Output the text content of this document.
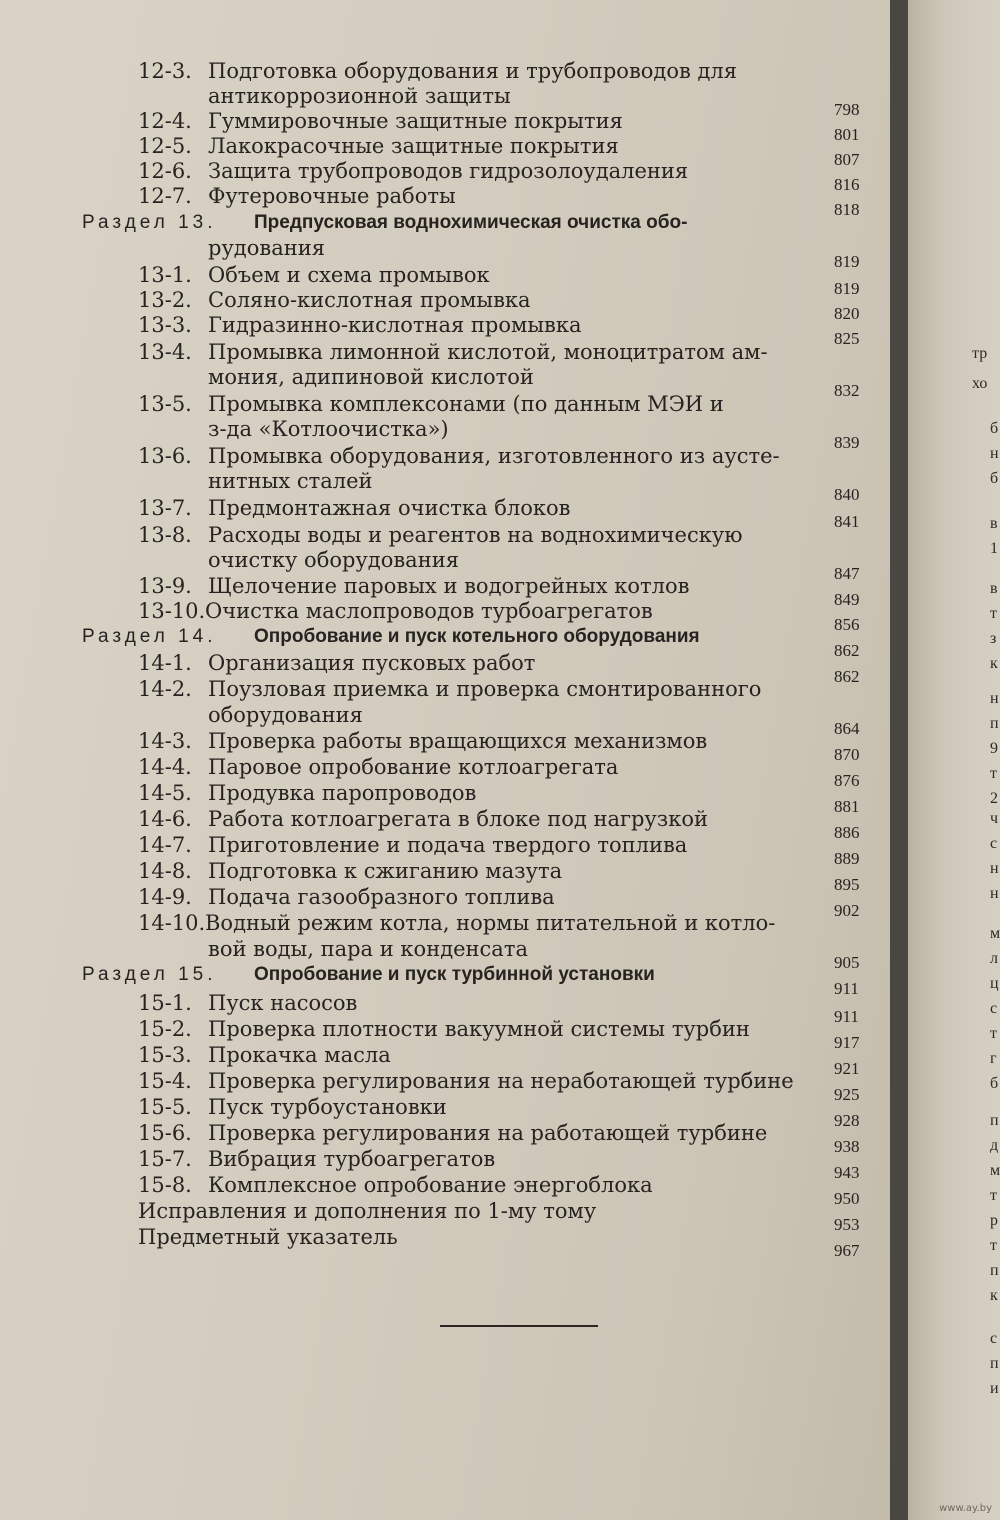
12-3. Подготовка оборудования и трубопроводов для
антикоррозионной защиты
798
12-4. Гуммировочные защитные покрытия
801
12-5. Лакокрасочные защитные покрытия
807
12-6. Защита трубопроводов гидрозолоудаления
816
12-7. Футеровочные работы
818
Раздел 13. Предпусковая воднохимическая очистка обо-
рудования
819
13-1. Объем и схема промывок
819
13-2. Соляно-кислотная промывка
820
13-3. Гидразинно-кислотная промывка
825
13-4. Промывка лимонной кислотой, моноцитратом ам-
мония, адипиновой кислотой
832
13-5. Промывка комплексонами (по данным МЭИ и
з-да «Котлоочистка»)
839
13-6. Промывка оборудования, изготовленного из аусте-
нитных сталей
840
13-7. Предмонтажная очистка блоков
841
13-8. Расходы воды и реагентов на воднохимическую
очистку оборудования
847
13-9. Щелочение паровых и водогрейных котлов
849
13-10. Очистка маслопроводов турбоагрегатов
856
Раздел 14. Опробование и пуск котельного оборудования
862
14-1. Организация пусковых работ
862
14-2. Поузловая приемка и проверка смонтированного
оборудования
864
14-3. Проверка работы вращающихся механизмов
870
14-4. Паровое опробование котлоагрегата
876
14-5. Продувка паропроводов
881
14-6. Работа котлоагрегата в блоке под нагрузкой
886
14-7. Приготовление и подача твердого топлива
889
14-8. Подготовка к сжиганию мазута
895
14-9. Подача газообразного топлива
902
14-10. Водный режим котла, нормы питательной и котло-
вой воды, пара и конденсата
905
Раздел 15. Опробование и пуск турбинной установки
911
15-1. Пуск насосов
911
15-2. Проверка плотности вакуумной системы турбин
917
15-3. Прокачка масла
921
15-4. Проверка регулирования на неработающей турбине
925
15-5. Пуск турбоустановки
928
15-6. Проверка регулирования на работающей турбине
938
15-7. Вибрация турбоагрегатов
943
15-8. Комплексное опробование энергоблока
950
Исправления и дополнения по 1-му тому
953
Предметный указатель
967
тр
хо
б
н
б
в
1
в
т
з
к
н
п
9
т
2
ч
с
н
н
м
л
ц
с
т
г
б
п
д
м
т
р
т
п
к
с
п
и
www.ay.by
